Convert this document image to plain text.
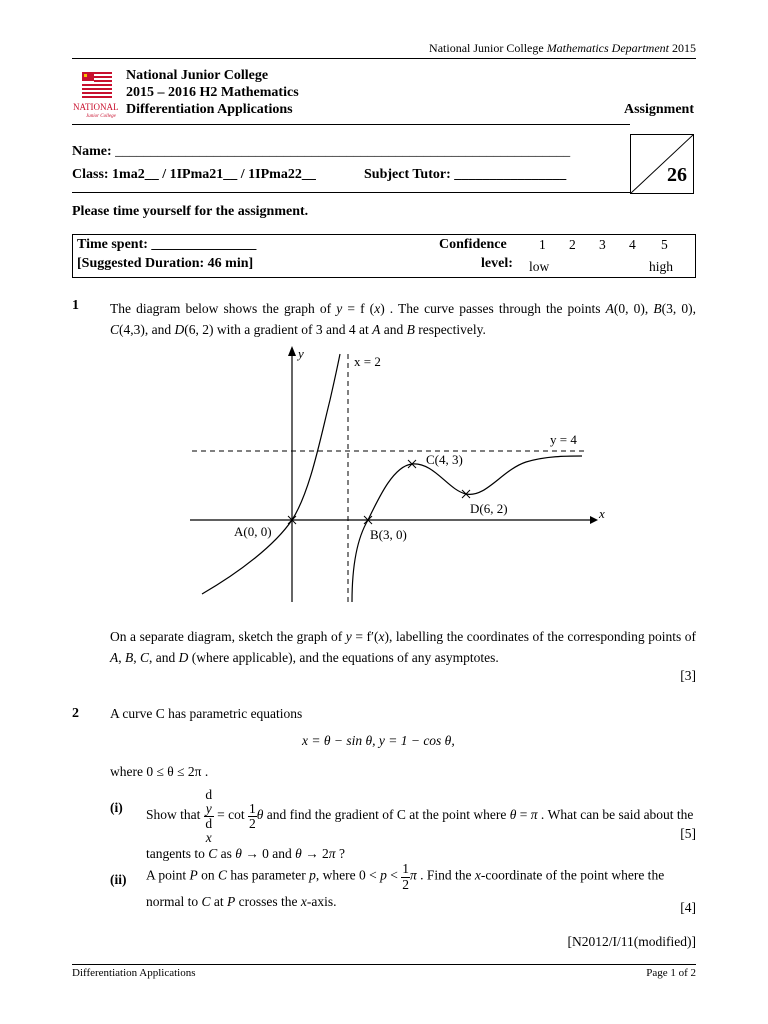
National Junior College Mathematics Department 2015
NATIONAL
Junior College
National Junior College
2015 – 2016 H2 Mathematics
Differentiation Applications	Assignment
26
Name: _________________________________________________________________
Class: 1ma2__ / 1IPma21__ / 1IPma22__	Subject Tutor: ________________
Please time yourself for the assignment.
Time spent: _______________
[Suggested Duration: 46 min]
Confidence
level:
1 2 3 4 5
low	high
1 The diagram below shows the graph of y = f (x) . The curve passes through the points A(0, 0), B(3, 0), C(4,3), and D(6, 2) with a gradient of 3 and 4 at A and B respectively.
y
x
x = 2
y = 4
A(0, 0)	B(3, 0)
C(4, 3)
D(6, 2)
On a separate diagram, sketch the graph of y = f′(x), labelling the coordinates of the corresponding points of A, B, C, and D (where applicable), and the equations of any asymptotes.
[3]
2 A curve C has parametric equations
x = θ − sin θ, y = 1 − cos θ,
where 0 ≤ θ ≤ 2π .
(i) Show that d
y
d
$x = \cot \frac{1}{2}$ θ and find the gradient of C at the point where θ = π . What can be said about the tangents to C as θ → 0 and θ → 2π ?
[5]
(ii) A point P on C has parameter p, where $0 < p < \frac{1}{2}$ π . Find the x-coordinate of the point where the normal to C at P crosses the x-axis.	[4]
[N2012/I/11(modified)]
Differentiation Applications	Page 1 of 2
